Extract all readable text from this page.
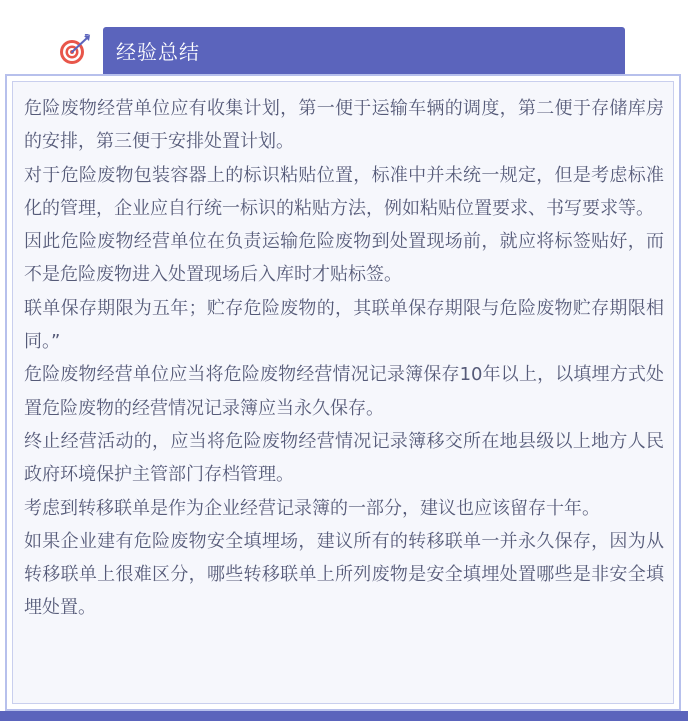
经验总结

危险废物经营单位应有收集计划，第一便于运输车辆的调度，第二便于存储库房的安排，第三便于安排处置计划。

对于危险废物包装容器上的标识粘贴位置，标准中并未统一规定，但是考虑标准化的管理，企业应自行统一标识的粘贴方法，例如粘贴位置要求、书写要求等。

因此危险废物经营单位在负责运输危险废物到处置现场前，就应将标签贴好，而不是危险废物进入处置现场后入库时才贴标签。

联单保存期限为五年；贮存危险废物的，其联单保存期限与危险废物贮存期限相同。”

危险废物经营单位应当将危险废物经营情况记录簿保存10年以上，以填埋方式处置危险废物的经营情况记录簿应当永久保存。

终止经营活动的，应当将危险废物经营情况记录簿移交所在地县级以上地方人民政府环境保护主管部门存档管理。

考虑到转移联单是作为企业经营记录簿的一部分，建议也应该留存十年。

如果企业建有危险废物安全填埋场，建议所有的转移联单一并永久保存，因为从转移联单上很难区分，哪些转移联单上所列废物是安全填埋处置哪些是非安全填埋处置。
